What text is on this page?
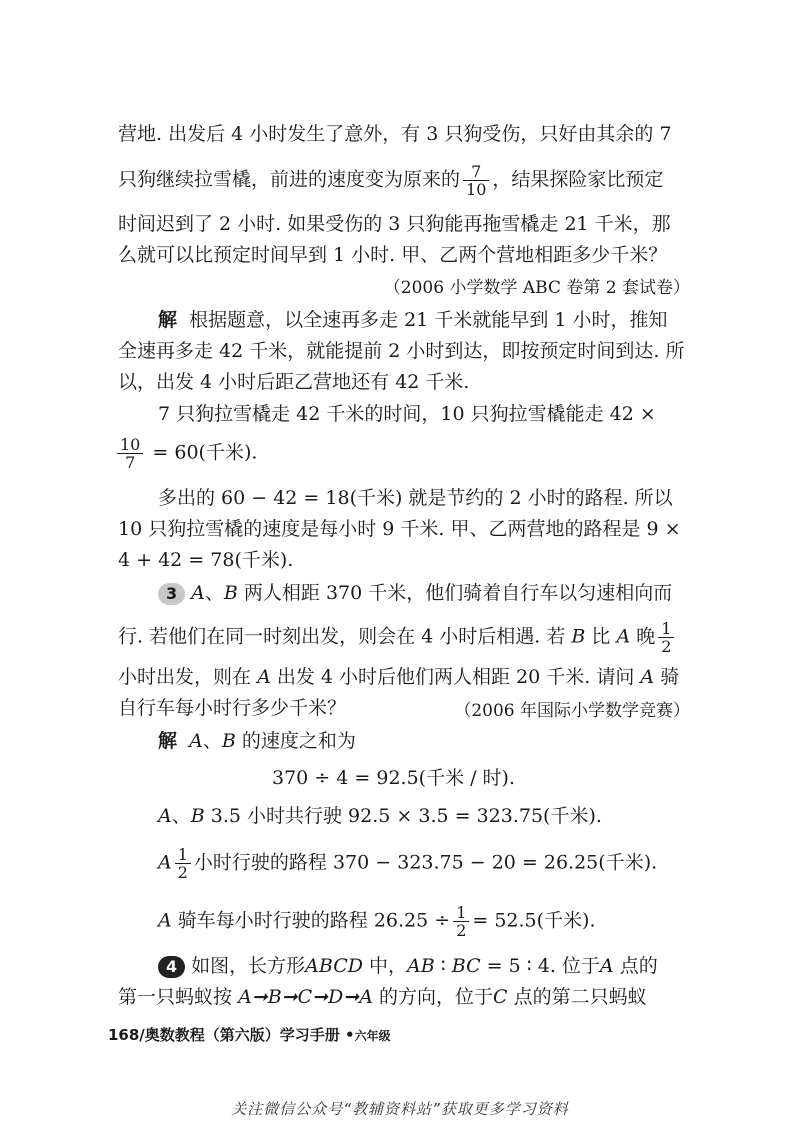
营地. 出发后 4 小时发生了意外，有 3 只狗受伤，只好由其余的 7
只狗继续拉雪橇，前进的速度变为原来的 $\frac{7}{10}$ ，结果探险家比预定
时间迟到了 2 小时. 如果受伤的 3 只狗能再拖雪橇走 21 千米，那
么就可以比预定时间早到 1 小时. 甲、乙两个营地相距多少千米？
（2006 小学数学 ABC 卷第 2 套试卷）
解 根据题意，以全速再多走 21 千米就能早到 1 小时，推知
全速再多走 42 千米，就能提前 2 小时到达，即按预定时间到达. 所
以，出发 4 小时后距乙营地还有 42 千米.
7 只狗拉雪橇走 42 千米的时间，10 只狗拉雪橇能走 42 ×
$\frac{10}{7} = 60$(千米).
多出的 60 − 42 = 18(千米) 就是节约的 2 小时的路程. 所以
10 只狗拉雪橇的速度是每小时 9 千米. 甲、乙两营地的路程是 9 ×
4 + 42 = 78(千米).
3 A、B 两人相距 370 千米，他们骑着自行车以匀速相向而
行. 若他们在同一时刻出发，则会在 4 小时后相遇. 若 B 比 A 晚 $\frac{1}{2}$
小时出发，则在 A 出发 4 小时后他们两人相距 20 千米. 请问 A 骑
自行车每小时行多少千米？	（2006 年国际小学数学竞赛）
解 A、B 的速度之和为
370 ÷ 4 = 92.5(千米 / 时).
A、B 3.5 小时共行驶 92.5 × 3.5 = 323.75(千米).
A $\frac{1}{2}$ 小时行驶的路程 370 − 323.75 − 20 = 26.25(千米).
A 骑车每小时行驶的路程 $26.25 \div \frac{1}{2} = 52.5$(千米).
4 如图，长方形ABCD 中，AB ∶ BC = 5 ∶ 4. 位于A 点的
第一只蚂蚁按 A➞B➞C➞D➞A 的方向，位于C 点的第二只蚂蚁
168/奥数教程（第六版）学习手册 •六年级
关注微信公众号“教辅资料站”获取更多学习资料
